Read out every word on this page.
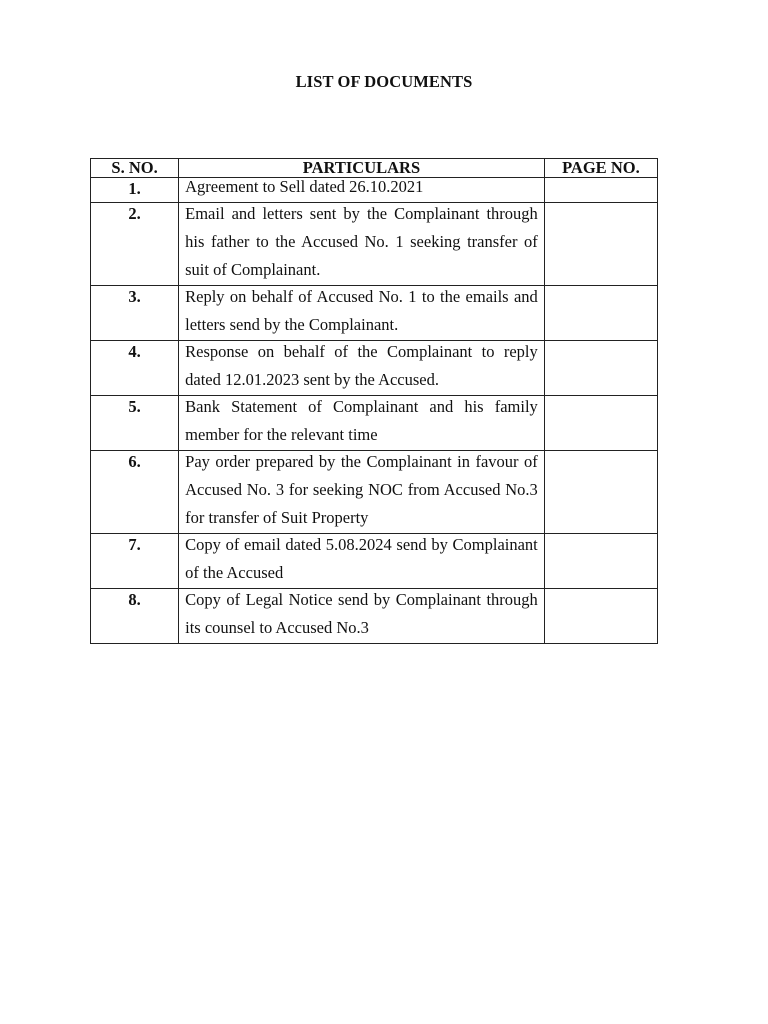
LIST OF DOCUMENTS
S. NO.	PARTICULARS	PAGE NO.
1.	Agreement to Sell dated 26.10.2021	

2.	Email and letters sent by the Complainant through his father to the Accused No. 1 seeking transfer of suit of Complainant.	

3.	Reply on behalf of Accused No. 1 to the emails and letters send by the Complainant.	

4.	Response on behalf of the Complainant to reply dated 12.01.2023 sent by the Accused.	

5.	Bank Statement of Complainant and his family member for the relevant time	

6.	Pay order prepared by the Complainant in favour of Accused No. 3 for seeking NOC from Accused No.3 for transfer of Suit Property	

7.	Copy of email dated 5.08.2024 send by Complainant of the Accused	

8.	Copy of Legal Notice send by Complainant through its counsel to Accused No.3	
